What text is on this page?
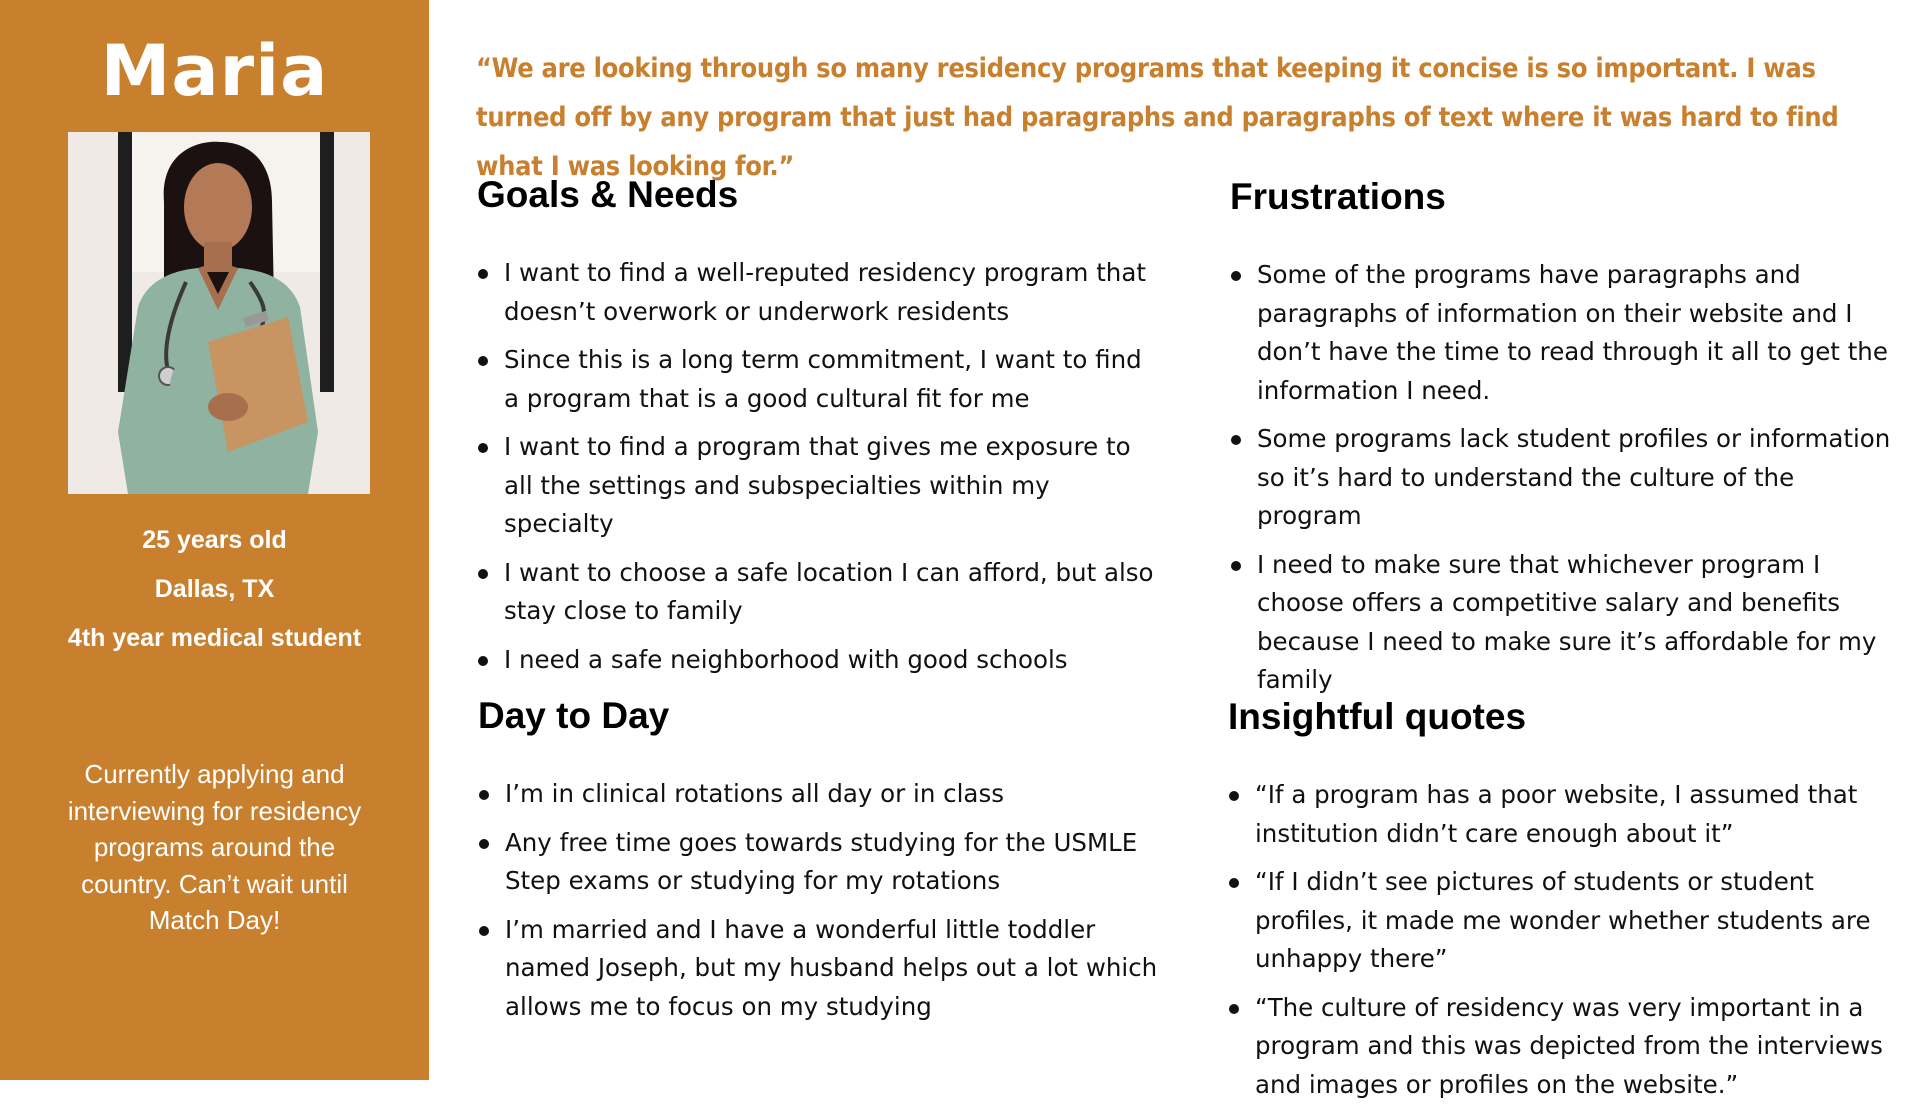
Maria
25 years old
Dallas, TX
4th year medical student
Currently applying and interviewing for residency programs around the country. Can’t wait until Match Day!
“We are looking through so many residency programs that keeping it concise is so important. I was turned off by any program that just had paragraphs and paragraphs of text where it was hard to find what I was looking for.”
Goals & Needs
I want to find a well-reputed residency program that doesn’t overwork or underwork residents
Since this is a long term commitment, I want to find a program that is a good cultural fit for me
I want to find a program that gives me exposure to all the settings and subspecialties within my specialty
I want to choose a safe location I can afford, but also stay close to family
I need a safe neighborhood with good schools
Frustrations
Some of the programs have paragraphs and paragraphs of information on their website and I don’t have the time to read through it all to get the information I need.
Some programs lack student profiles or information so it’s hard to understand the culture of the program
I need to make sure that whichever program I choose offers a competitive salary and benefits because I need to make sure it’s affordable for my family
Day to Day
I’m in clinical rotations all day or in class
Any free time goes towards studying for the USMLE Step exams or studying for my rotations
I’m married and I have a wonderful little toddler named Joseph, but my husband helps out a lot which allows me to focus on my studying
Insightful quotes
“If a program has a poor website, I assumed that institution didn’t care enough about it”
“If I didn’t see pictures of students or student profiles, it made me wonder whether students are unhappy there”
“The culture of residency was very important in a program and this was depicted from the interviews and images or profiles on the website.”
